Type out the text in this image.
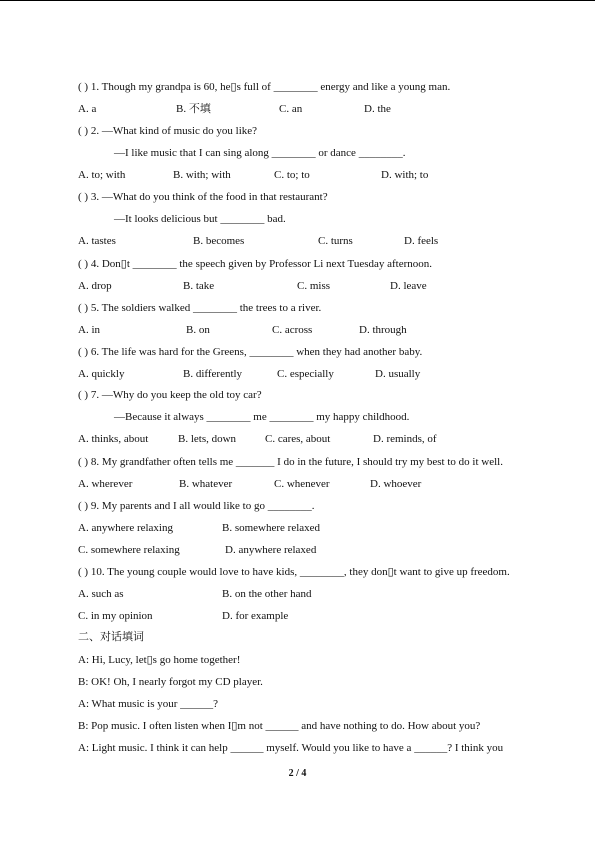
( ) 1. Though my grandpa is 60, he▯s full of ________ energy and like a young man.
A. a	B. 不填	C. an	D. the
( ) 2. —What kind of music do you like?
—I like music that I can sing along ________ or dance ________.
A. to; with	B. with; with	C. to; to	D. with; to
( ) 3. —What do you think of the food in that restaurant?
—It looks delicious but ________ bad.
A. tastes	B. becomes	C. turns	D. feels
( ) 4. Don▯t ________ the speech given by Professor Li next Tuesday afternoon.
A. drop	B. take	C. miss	D. leave
( ) 5. The soldiers walked ________ the trees to a river.
A. in	B. on	C. across	D. through
( ) 6. The life was hard for the Greens, ________ when they had another baby.
A. quickly	B. differently	C. especially	D. usually
( ) 7. —Why do you keep the old toy car?
—Because it always ________ me ________ my happy childhood.
A. thinks, about	B. lets, down	C. cares, about	D. reminds, of
( ) 8. My grandfather often tells me _______ I do in the future, I should try my best to do it well.
A. wherever	B. whatever	C. whenever	D. whoever
( ) 9. My parents and I all would like to go ________.
A. anywhere relaxing	B. somewhere relaxed
C. somewhere relaxing	D. anywhere relaxed
( ) 10. The young couple would love to have kids, ________, they don▯t want to give up freedom.
A. such as	B. on the other hand
C. in my opinion	D. for example
二、对话填词
A: Hi, Lucy, let▯s go home together!
B: OK! Oh, I nearly forgot my CD player.
A: What music is your ______?
B: Pop music. I often listen when I▯m not ______ and have nothing to do. How about you?
A: Light music. I think it can help ______ myself. Would you like to have a ______? I think you
2 / 4
